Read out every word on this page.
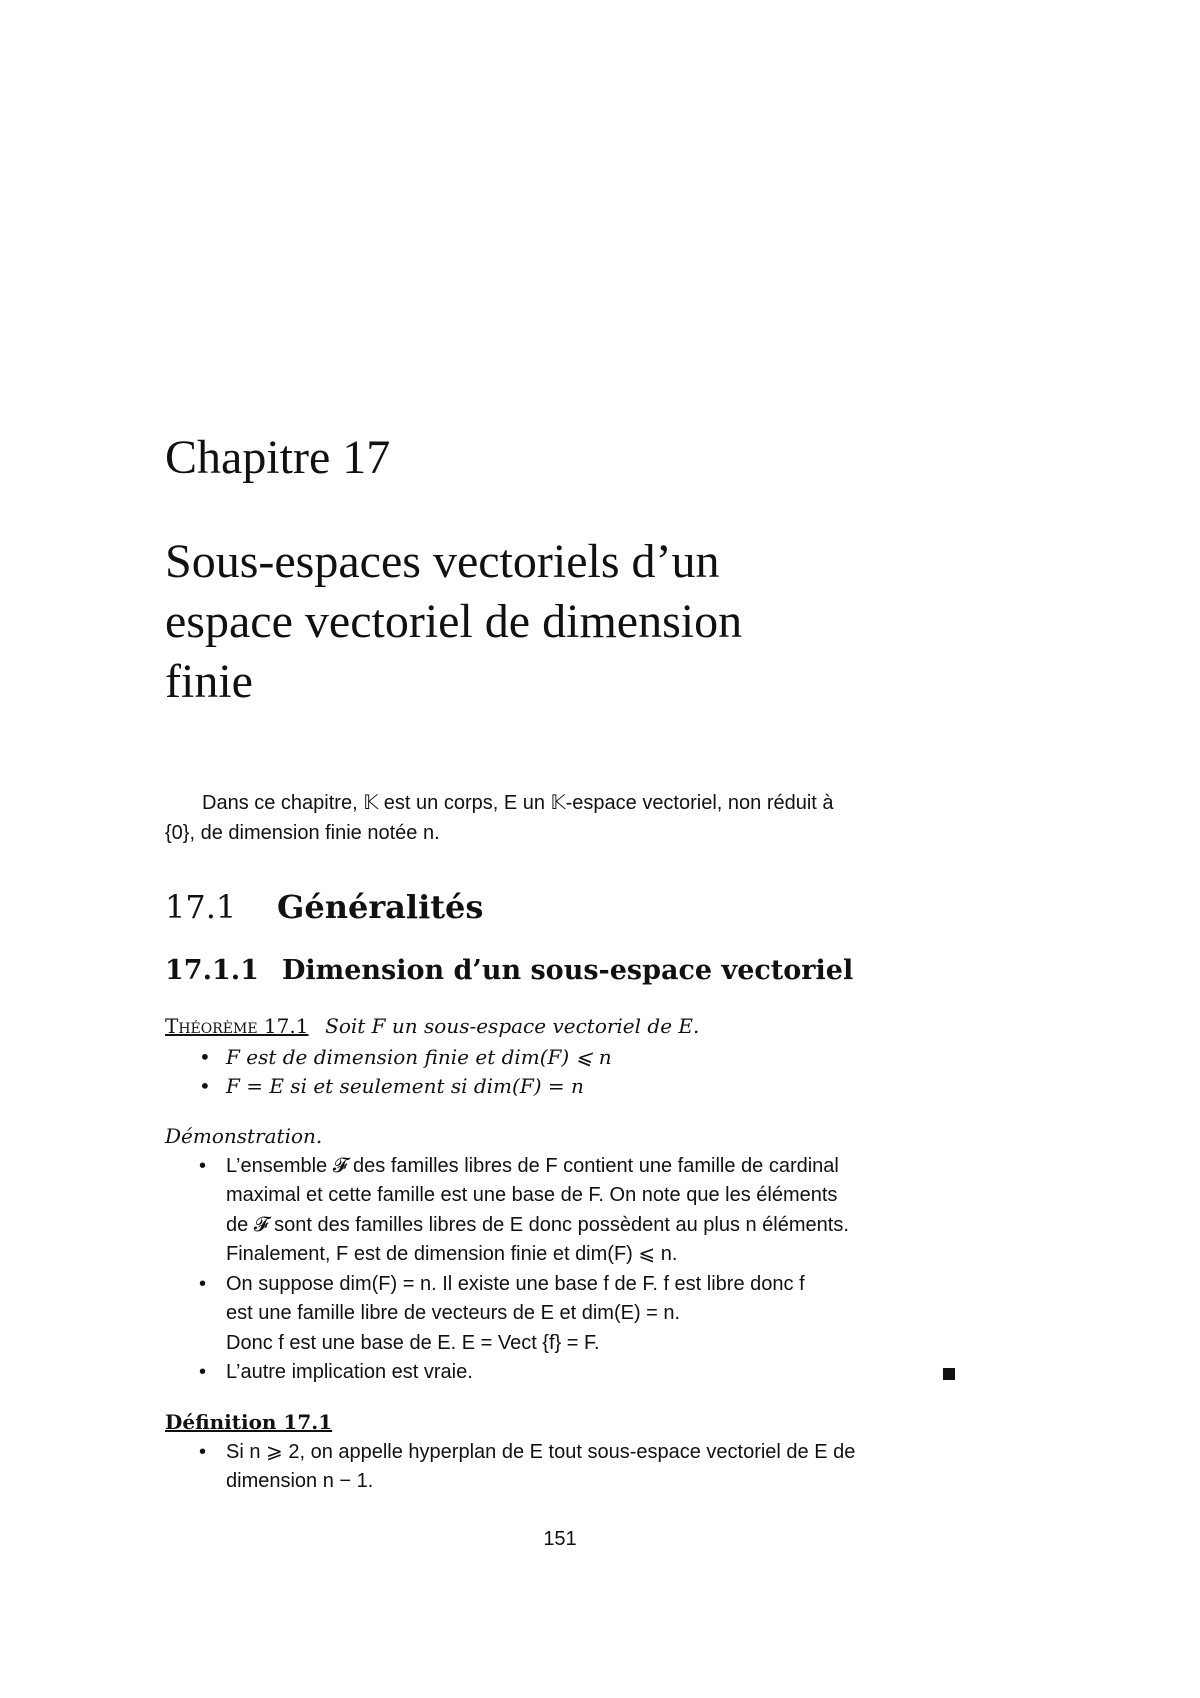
Chapitre 17
Sous-espaces vectoriels d’un
espace vectoriel de dimension
finie
Dans ce chapitre, 𝕂 est un corps, E un 𝕂-espace vectoriel, non réduit à
{0}, de dimension finie notée n.
17.1 Généralités
17.1.1 Dimension d’un sous-espace vectoriel
Théorème 17.1 Soit F un sous-espace vectoriel de E.
• F est de dimension finie et dim(F) ⩽ n
• F = E si et seulement si dim(F) = n
Démonstration.
• L’ensemble 𝓕 des familles libres de F contient une famille de cardinal
maximal et cette famille est une base de F. On note que les éléments
de 𝓕 sont des familles libres de E donc possèdent au plus n éléments.
Finalement, F est de dimension finie et dim(F) ⩽ n.
• On suppose dim(F) = n. Il existe une base f de F. f est libre donc f
est une famille libre de vecteurs de E et dim(E) = n.
Donc f est une base de E. E = Vect {f} = F.
• L’autre implication est vraie.
Définition 17.1
• Si n ⩾ 2, on appelle hyperplan de E tout sous-espace vectoriel de E de
dimension n − 1.
151
